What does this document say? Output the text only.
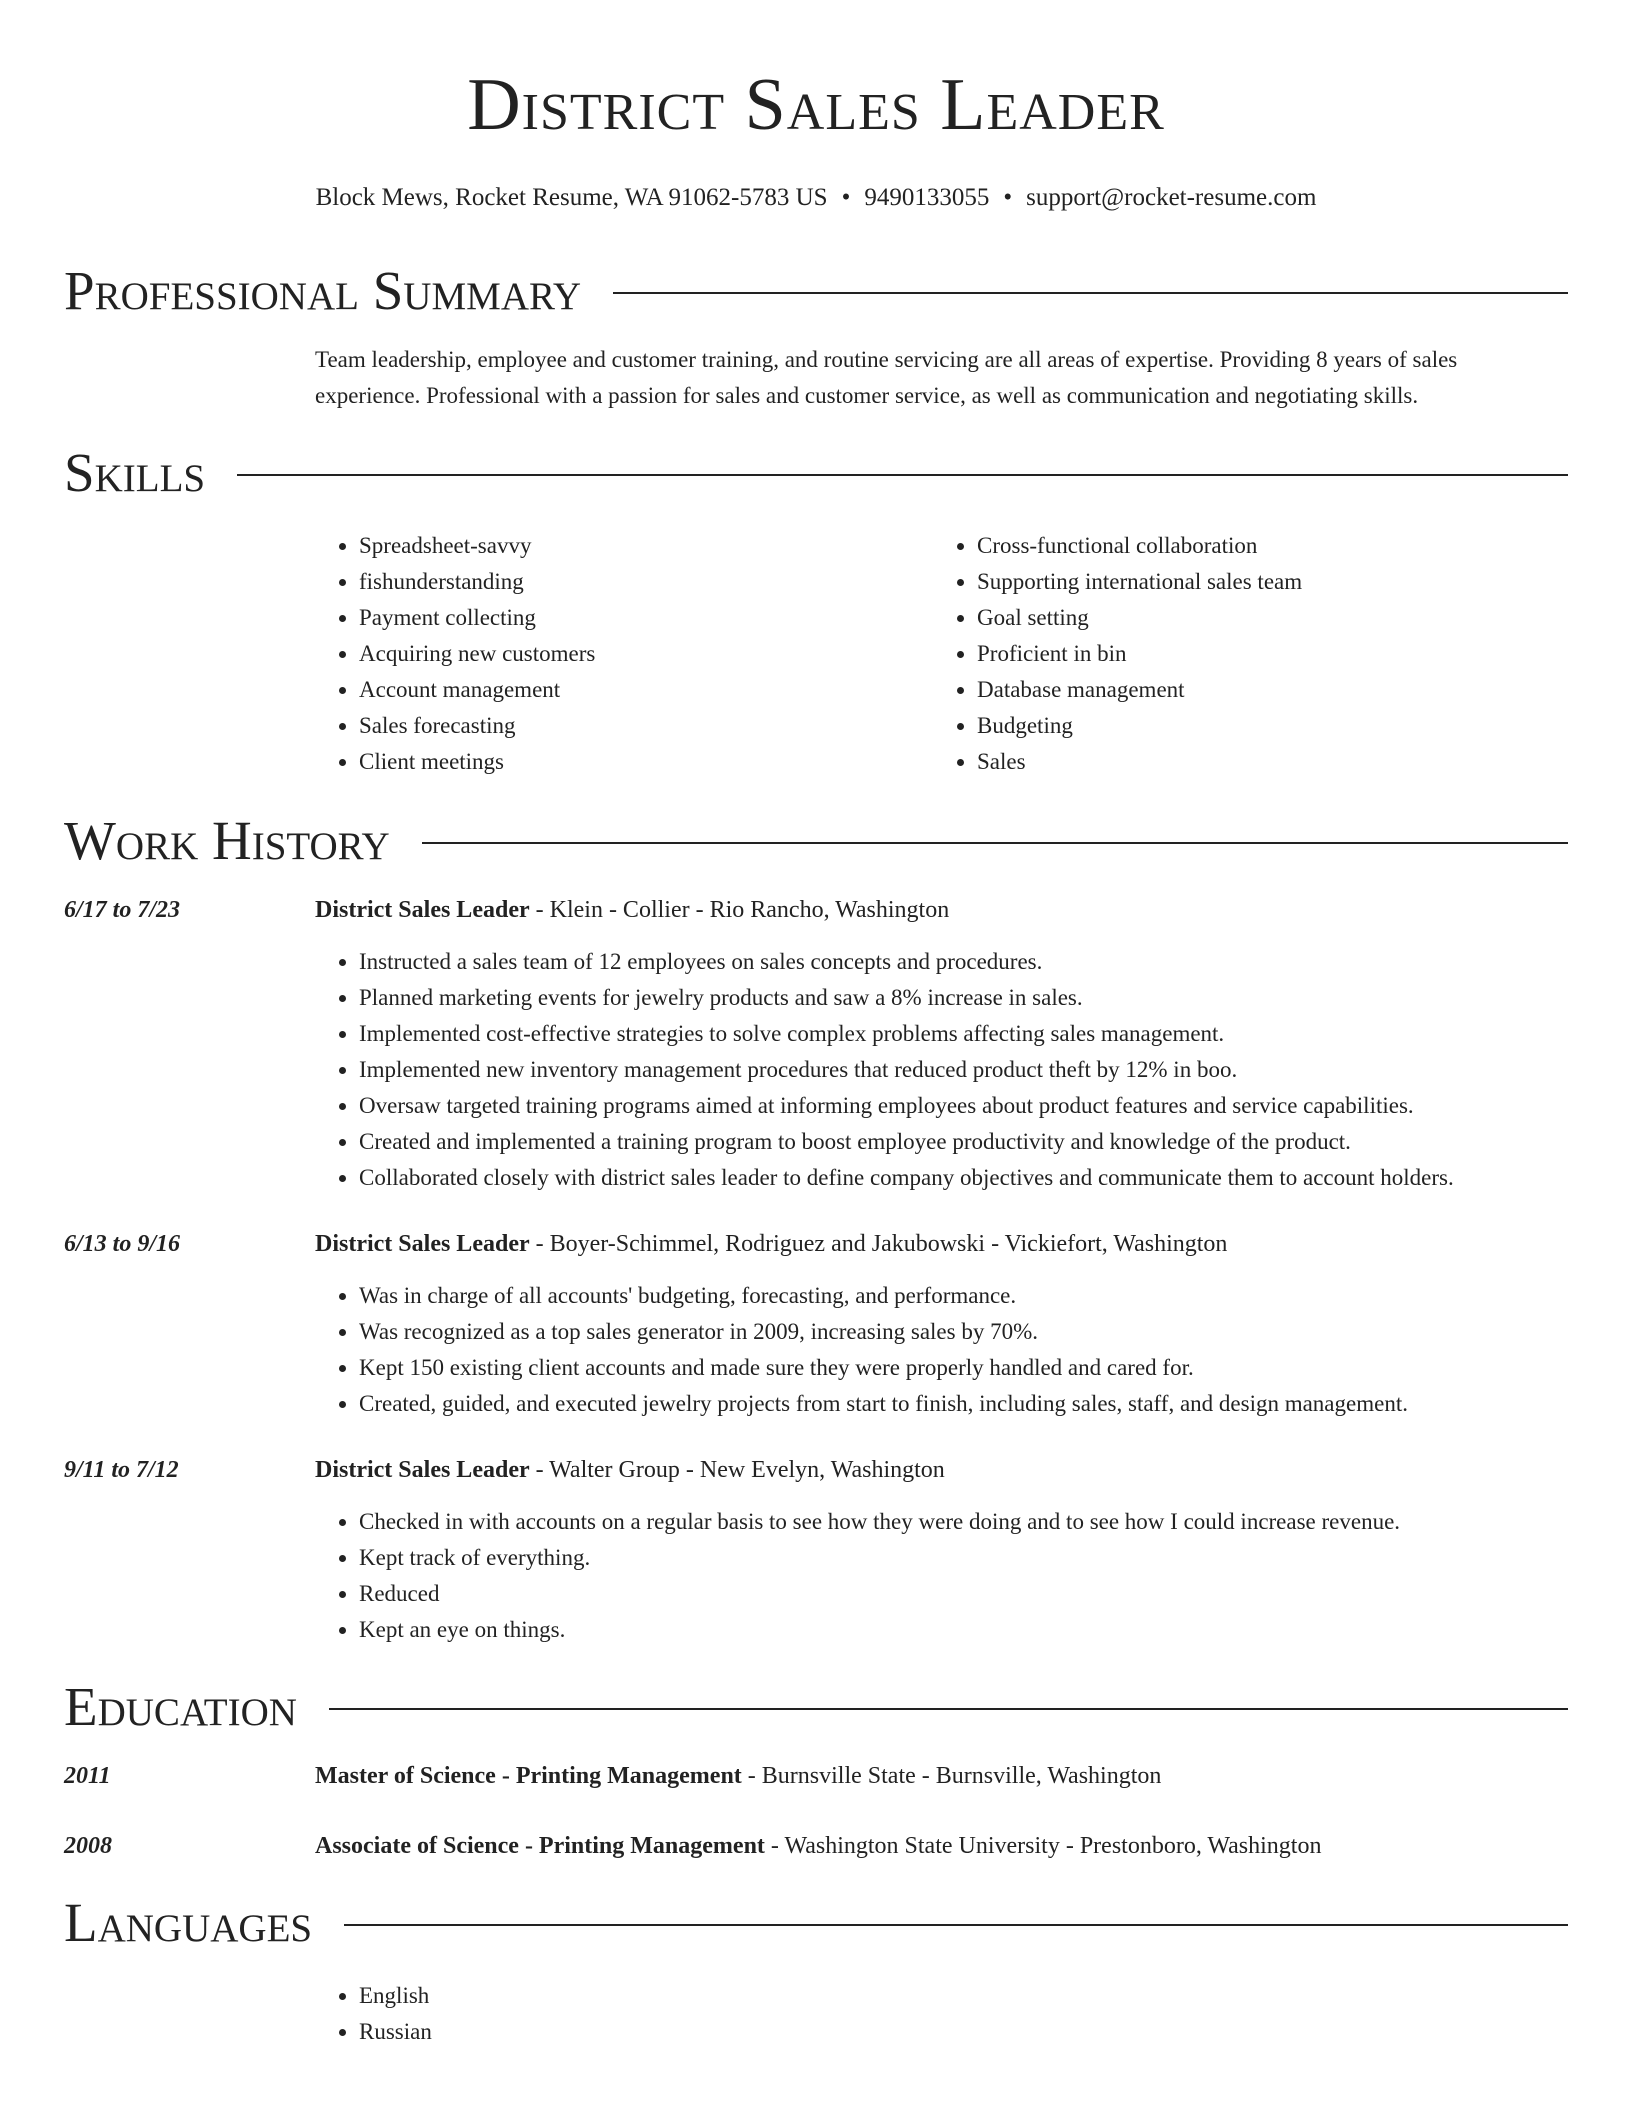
District Sales Leader
Block Mews, Rocket Resume, WA 91062-5783 US • 9490133055 • support@rocket-resume.com
Professional Summary
Team leadership, employee and customer training, and routine servicing are all areas of expertise. Providing 8 years of sales experience. Professional with a passion for sales and customer service, as well as communication and negotiating skills.
Skills
• Spreadsheet-savvy
• fishunderstanding
• Payment collecting
• Acquiring new customers
• Account management
• Sales forecasting
• Client meetings
• Cross-functional collaboration
• Supporting international sales team
• Goal setting
• Proficient in bin
• Database management
• Budgeting
• Sales
Work History
6/17 to 7/23	District Sales Leader - Klein - Collier - Rio Rancho, Washington
• Instructed a sales team of 12 employees on sales concepts and procedures.
• Planned marketing events for jewelry products and saw a 8% increase in sales.
• Implemented cost-effective strategies to solve complex problems affecting sales management.
• Implemented new inventory management procedures that reduced product theft by 12% in boo.
• Oversaw targeted training programs aimed at informing employees about product features and service capabilities.
• Created and implemented a training program to boost employee productivity and knowledge of the product.
• Collaborated closely with district sales leader to define company objectives and communicate them to account holders.
6/13 to 9/16	District Sales Leader - Boyer-Schimmel, Rodriguez and Jakubowski - Vickiefort, Washington
• Was in charge of all accounts' budgeting, forecasting, and performance.
• Was recognized as a top sales generator in 2009, increasing sales by 70%.
• Kept 150 existing client accounts and made sure they were properly handled and cared for.
• Created, guided, and executed jewelry projects from start to finish, including sales, staff, and design management.
9/11 to 7/12	District Sales Leader - Walter Group - New Evelyn, Washington
• Checked in with accounts on a regular basis to see how they were doing and to see how I could increase revenue.
• Kept track of everything.
• Reduced
• Kept an eye on things.
Education
2011	Master of Science - Printing Management - Burnsville State - Burnsville, Washington
2008	Associate of Science - Printing Management - Washington State University - Prestonboro, Washington
Languages
• English
• Russian
